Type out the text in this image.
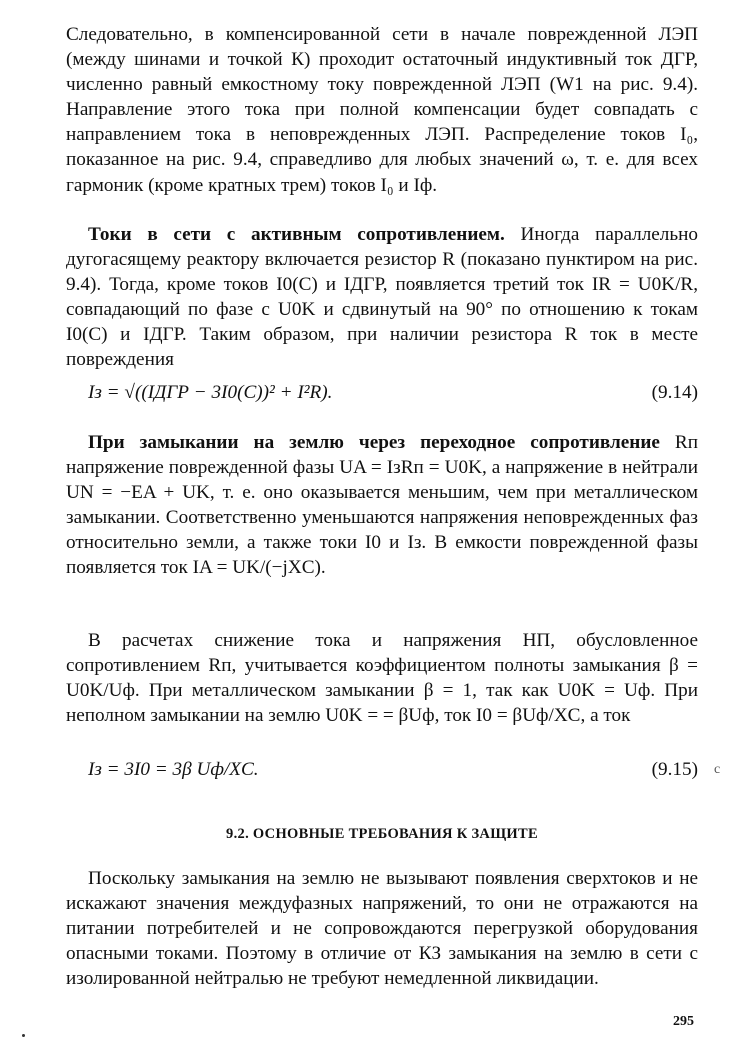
Следовательно, в компенсированной сети в начале поврежденной ЛЭП (между шинами и точкой К) проходит остаточный индуктивный ток ДГР, численно равный емкостному току поврежденной ЛЭП (W1 на рис. 9.4). Направление этого тока при полной компенсации будет совпадать с направлением тока в неповрежденных ЛЭП. Распределение токов I₀, показанное на рис. 9.4, справедливо для любых значений ω, т. е. для всех гармоник (кроме кратных трем) токов I₀ и Iф.
Токи в сети с активным сопротивлением. Иногда параллельно дугогасящему реактору включается резистор R (показано пунктиром на рис. 9.4). Тогда, кроме токов I0(C) и IДГР, появляется третий ток IR = U0K/R, совпадающий по фазе с U0K и сдвинутый на 90° по отношению к токам I0(C) и IДГР. Таким образом, при наличии резистора R ток в месте повреждения
Iз = √((IДГР − 3I0(C))² + I²R).	(9.14)
При замыкании на землю через переходное сопротивление Rп напряжение поврежденной фазы UA = IзRп = U0K, а напряжение в нейтрали UN = −EA + UK, т. е. оно оказывается меньшим, чем при металлическом замыкании. Соответственно уменьшаются напряжения неповрежденных фаз относительно земли, а также токи I0 и Iз. В емкости поврежденной фазы появляется ток IA = UK/(−jXC).
В расчетах снижение тока и напряжения НП, обусловленное сопротивлением Rп, учитывается коэффициентом полноты замыкания β = U0K/Uф. При металлическом замыкании β = 1, так как U0K = Uф. При неполном замыкании на землю U0K = = βUф, ток I0 = βUф/XC, а ток
Iз = 3I0 = 3β Uф/XC.	(9.15) c
9.2. ОСНОВНЫЕ ТРЕБОВАНИЯ К ЗАЩИТЕ
Поскольку замыкания на землю не вызывают появления сверхтоков и не искажают значения междуфазных напряжений, то они не отражаются на питании потребителей и не сопровождаются перегрузкой оборудования опасными токами. Поэтому в отличие от КЗ замыкания на землю в сети с изолированной нейтралью не требуют немедленной ликвидации.
295
